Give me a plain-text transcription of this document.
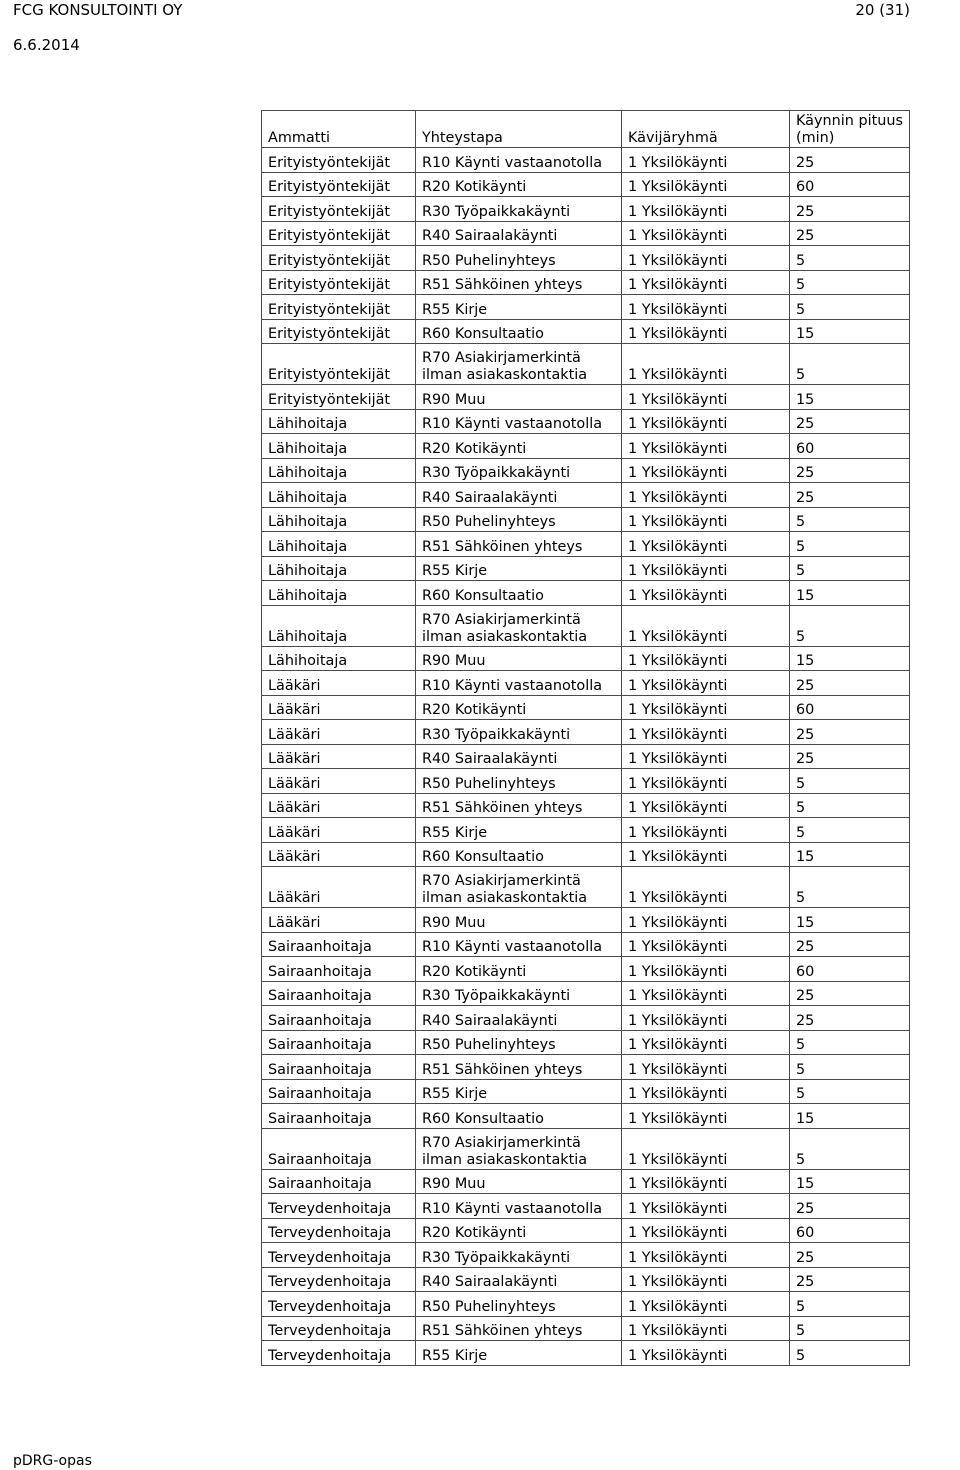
FCG KONSULTOINTI OY
6.6.2014
20 (31)
Ammatti	Yhteystapa	Kävijäryhmä	Käynnin pituus (min)
Erityistyöntekijät	R10 Käynti vastaanotolla	1 Yksilökäynti	25
Erityistyöntekijät	R20 Kotikäynti	1 Yksilökäynti	60
Erityistyöntekijät	R30 Työpaikkakäynti	1 Yksilökäynti	25
Erityistyöntekijät	R40 Sairaalakäynti	1 Yksilökäynti	25
Erityistyöntekijät	R50 Puhelinyhteys	1 Yksilökäynti	5
Erityistyöntekijät	R51 Sähköinen yhteys	1 Yksilökäynti	5
Erityistyöntekijät	R55 Kirje	1 Yksilökäynti	5
Erityistyöntekijät	R60 Konsultaatio	1 Yksilökäynti	15
Erityistyöntekijät	R70 Asiakirjamerkintä ilman asiakaskontaktia	1 Yksilökäynti	5
Erityistyöntekijät	R90 Muu	1 Yksilökäynti	15
Lähihoitaja	R10 Käynti vastaanotolla	1 Yksilökäynti	25
Lähihoitaja	R20 Kotikäynti	1 Yksilökäynti	60
Lähihoitaja	R30 Työpaikkakäynti	1 Yksilökäynti	25
Lähihoitaja	R40 Sairaalakäynti	1 Yksilökäynti	25
Lähihoitaja	R50 Puhelinyhteys	1 Yksilökäynti	5
Lähihoitaja	R51 Sähköinen yhteys	1 Yksilökäynti	5
Lähihoitaja	R55 Kirje	1 Yksilökäynti	5
Lähihoitaja	R60 Konsultaatio	1 Yksilökäynti	15
Lähihoitaja	R70 Asiakirjamerkintä ilman asiakaskontaktia	1 Yksilökäynti	5
Lähihoitaja	R90 Muu	1 Yksilökäynti	15
Lääkäri	R10 Käynti vastaanotolla	1 Yksilökäynti	25
Lääkäri	R20 Kotikäynti	1 Yksilökäynti	60
Lääkäri	R30 Työpaikkakäynti	1 Yksilökäynti	25
Lääkäri	R40 Sairaalakäynti	1 Yksilökäynti	25
Lääkäri	R50 Puhelinyhteys	1 Yksilökäynti	5
Lääkäri	R51 Sähköinen yhteys	1 Yksilökäynti	5
Lääkäri	R55 Kirje	1 Yksilökäynti	5
Lääkäri	R60 Konsultaatio	1 Yksilökäynti	15
Lääkäri	R70 Asiakirjamerkintä ilman asiakaskontaktia	1 Yksilökäynti	5
Lääkäri	R90 Muu	1 Yksilökäynti	15
Sairaanhoitaja	R10 Käynti vastaanotolla	1 Yksilökäynti	25
Sairaanhoitaja	R20 Kotikäynti	1 Yksilökäynti	60
Sairaanhoitaja	R30 Työpaikkakäynti	1 Yksilökäynti	25
Sairaanhoitaja	R40 Sairaalakäynti	1 Yksilökäynti	25
Sairaanhoitaja	R50 Puhelinyhteys	1 Yksilökäynti	5
Sairaanhoitaja	R51 Sähköinen yhteys	1 Yksilökäynti	5
Sairaanhoitaja	R55 Kirje	1 Yksilökäynti	5
Sairaanhoitaja	R60 Konsultaatio	1 Yksilökäynti	15
Sairaanhoitaja	R70 Asiakirjamerkintä ilman asiakaskontaktia	1 Yksilökäynti	5
Sairaanhoitaja	R90 Muu	1 Yksilökäynti	15
Terveydenhoitaja	R10 Käynti vastaanotolla	1 Yksilökäynti	25
Terveydenhoitaja	R20 Kotikäynti	1 Yksilökäynti	60
Terveydenhoitaja	R30 Työpaikkakäynti	1 Yksilökäynti	25
Terveydenhoitaja	R40 Sairaalakäynti	1 Yksilökäynti	25
Terveydenhoitaja	R50 Puhelinyhteys	1 Yksilökäynti	5
Terveydenhoitaja	R51 Sähköinen yhteys	1 Yksilökäynti	5
Terveydenhoitaja	R55 Kirje	1 Yksilökäynti	5
pDRG-opas
